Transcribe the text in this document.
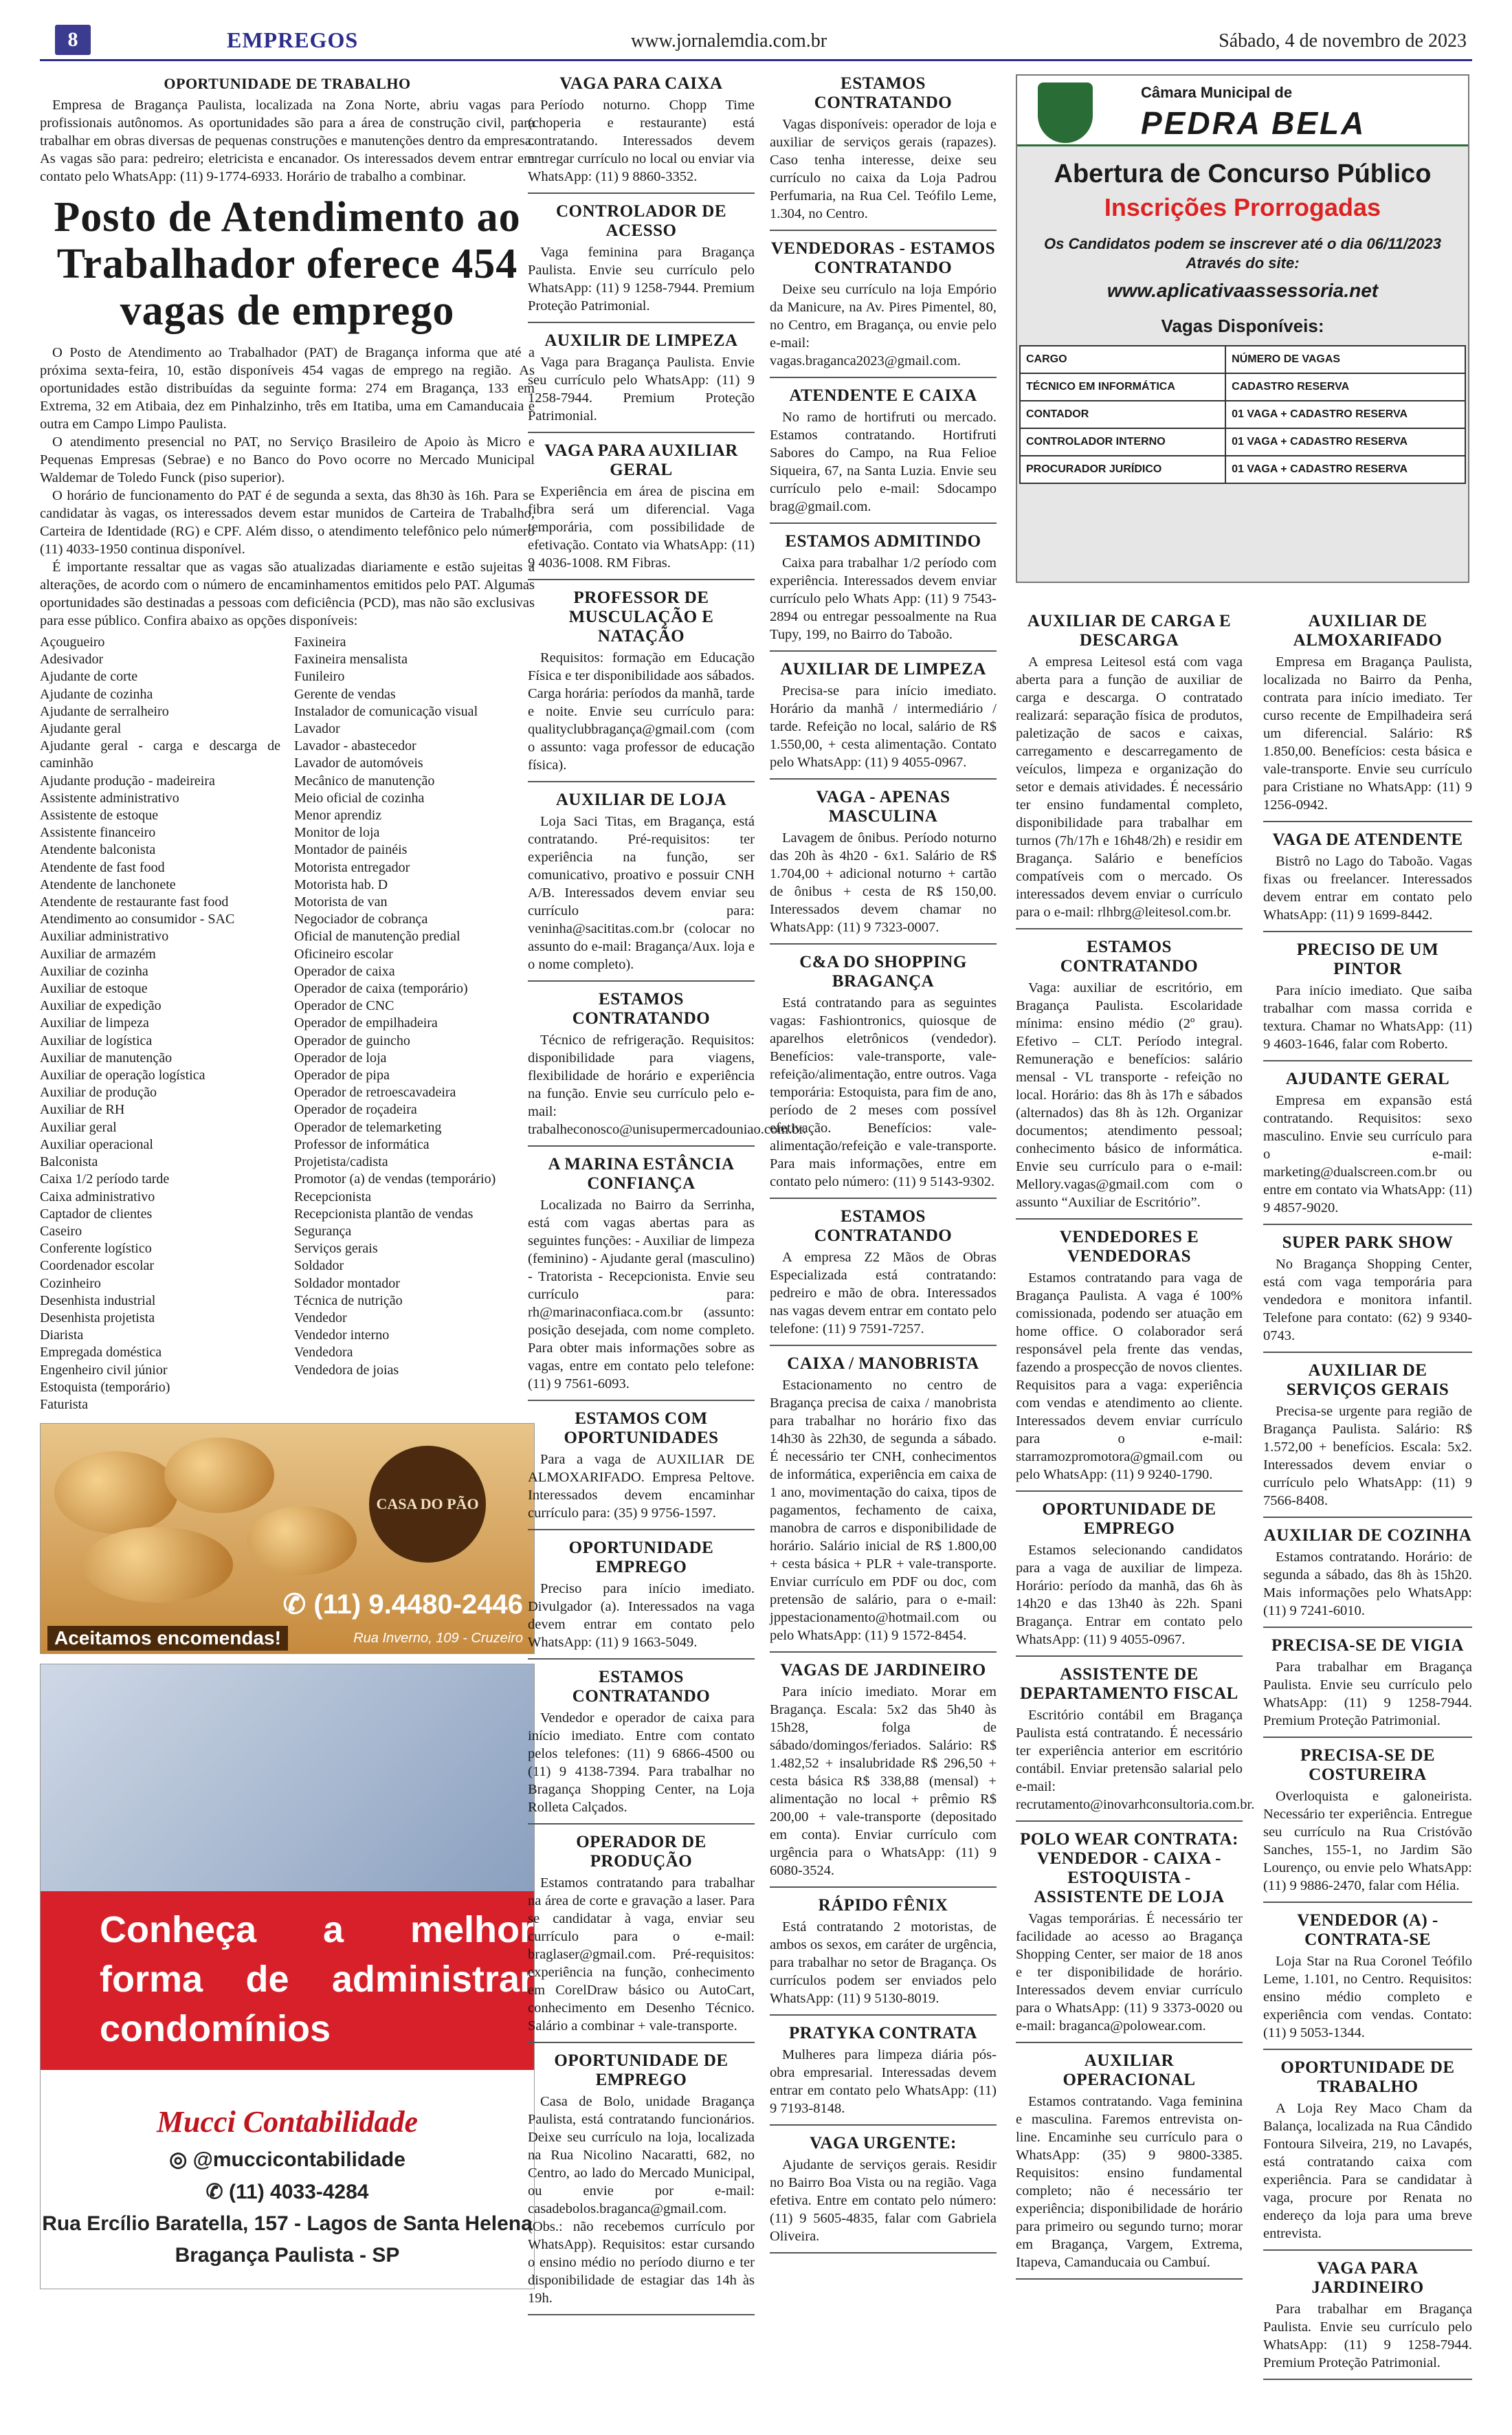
8	EMPREGOS	www.jornalemdia.com.br	Sábado, 4 de novembro de 2023
OPORTUNIDADE DE TRABALHO

Empresa de Bragança Paulista, localizada na Zona Norte, abriu vagas para profissionais autônomos. As oportunidades são para a área de construção civil, para trabalhar em obras diversas de pequenas construções e manutenções dentro da empresa. As vagas são para: pedreiro; eletricista e encanador. Os interessados devem entrar em contato pelo WhatsApp: (11) 9-1774-6933. Horário de trabalho a combinar.

Posto de Atendimento ao Trabalhador oferece 454 vagas de emprego

O Posto de Atendimento ao Trabalhador (PAT) de Bragança informa que até a próxima sexta-feira, 10, estão disponíveis 454 vagas de emprego na região. As oportunidades estão distribuídas da seguinte forma: 274 em Bragança, 133 em Extrema, 32 em Atibaia, dez em Pinhalzinho, três em Itatiba, uma em Camanducaia e outra em Campo Limpo Paulista.

O atendimento presencial no PAT, no Serviço Brasileiro de Apoio às Micro e Pequenas Empresas (Sebrae) e no Banco do Povo ocorre no Mercado Municipal Waldemar de Toledo Funck (piso superior).

O horário de funcionamento do PAT é de segunda a sexta, das 8h30 às 16h. Para se candidatar às vagas, os interessados devem estar munidos de Carteira de Trabalho, Carteira de Identidade (RG) e CPF. Além disso, o atendimento telefônico pelo número (11) 4033-1950 continua disponível.

É importante ressaltar que as vagas são atualizadas diariamente e estão sujeitas a alterações, de acordo com o número de encaminhamentos emitidos pelo PAT. Algumas oportunidades são destinadas a pessoas com deficiência (PCD), mas não são exclusivas para esse público. Confira abaixo as opções disponíveis:

Açougueiro
Adesivador
Ajudante de corte
Ajudante de cozinha
Ajudante de serralheiro
Ajudante geral
Ajudante geral - carga e descarga de caminhão
Ajudante produção - madeireira
Assistente administrativo
Assistente de estoque
Assistente financeiro
Atendente balconista
Atendente de fast food
Atendente de lanchonete
Atendente de restaurante fast food
Atendimento ao consumidor - SAC
Auxiliar administrativo
Auxiliar de armazém
Auxiliar de cozinha
Auxiliar de estoque
Auxiliar de expedição
Auxiliar de limpeza
Auxiliar de logística
Auxiliar de manutenção
Auxiliar de operação logística
Auxiliar de produção
Auxiliar de RH
Auxiliar geral
Auxiliar operacional
Balconista
Caixa 1/2 período tarde
Caixa administrativo
Captador de clientes
Caseiro
Conferente logístico
Coordenador escolar
Cozinheiro
Desenhista industrial
Desenhista projetista
Diarista
Empregada doméstica
Engenheiro civil júnior
Estoquista (temporário)
Faturista
Faxineira
Faxineira mensalista
Funileiro
Gerente de vendas
Instalador de comunicação visual
Lavador
Lavador - abastecedor
Lavador de automóveis
Mecânico de manutenção
Meio oficial de cozinha
Menor aprendiz
Monitor de loja
Montador de painéis
Motorista entregador
Motorista hab. D
Motorista de van
Negociador de cobrança
Oficial de manutenção predial
Oficineiro escolar
Operador de caixa
Operador de caixa (temporário)
Operador de CNC
Operador de empilhadeira
Operador de guincho
Operador de loja
Operador de pipa
Operador de retroescavadeira
Operador de roçadeira
Operador de telemarketing
Professor de informática
Projetista/cadista
Promotor (a) de vendas (temporário)
Recepcionista
Recepcionista plantão de vendas
Segurança
Serviços gerais
Soldador
Soldador montador
Técnica de nutrição
Vendedor
Vendedor interno
Vendedora
Vendedora de joias
CASA DO PÃO
✆ (11) 9.4480-2446
Aceitamos encomendas!	Rua Inverno, 109 - Cruzeiro
Conheça a melhor forma de administrar condomínios
Mucci Contabilidade
◎ @muccicontabilidade
✆ (11) 4033-4284
Rua Ercílio Baratella, 157 - Lagos de Santa Helena
Bragança Paulista - SP
VAGA PARA CAIXA

Período noturno. Chopp Time (choperia e restaurante) está contratando. Interessados devem entregar currículo no local ou enviar via WhatsApp: (11) 9 8860-3352.

CONTROLADOR DE ACESSO

Vaga feminina para Bragança Paulista. Envie seu currículo pelo WhatsApp: (11) 9 1258-7944. Premium Proteção Patrimonial.

AUXILIR DE LIMPEZA

Vaga para Bragança Paulista. Envie seu currículo pelo WhatsApp: (11) 9 1258-7944. Premium Proteção Patrimonial.

VAGA PARA AUXILIAR GERAL

Experiência em área de piscina em fibra será um diferencial. Vaga temporária, com possibilidade de efetivação. Contato via WhatsApp: (11) 9 4036-1008. RM Fibras.

PROFESSOR DE MUSCULAÇÃO E NATAÇÃO

Requisitos: formação em Educação Física e ter disponibilidade aos sábados. Carga horária: períodos da manhã, tarde e noite. Envie seu currículo para: qualityclubbragança@gmail.com (com o assunto: vaga professor de educação física).

AUXILIAR DE LOJA

Loja Saci Titas, em Bragança, está contratando. Pré-requisitos: ter experiência na função, ser comunicativo, proativo e possuir CNH A/B. Interessados devem enviar seu currículo para: veninha@sacititas.com.br (colocar no assunto do e-mail: Bragança/Aux. loja e o nome completo).

ESTAMOS CONTRATANDO

Técnico de refrigeração. Requisitos: disponibilidade para viagens, flexibilidade de horário e experiência na função. Envie seu currículo pelo e-mail: trabalheconosco@unisupermercadouniao.com.br.

A MARINA ESTÂNCIA CONFIANÇA

Localizada no Bairro da Serrinha, está com vagas abertas para as seguintes funções: - Auxiliar de limpeza (feminino) - Ajudante geral (masculino) - Tratorista - Recepcionista. Envie seu currículo para: rh@marinaconfiaca.com.br (assunto: posição desejada, com nome completo. Para obter mais informações sobre as vagas, entre em contato pelo telefone: (11) 9 7561-6093.

ESTAMOS COM OPORTUNIDADES

Para a vaga de AUXILIAR DE ALMOXARIFADO. Empresa Peltove. Interessados devem encaminhar currículo para: (35) 9 9756-1597.

OPORTUNIDADE EMPREGO

Preciso para início imediato. Divulgador (a). Interessados na vaga devem entrar em contato pelo WhatsApp: (11) 9 1663-5049.

ESTAMOS CONTRATANDO

Vendedor e operador de caixa para início imediato. Entre com contato pelos telefones: (11) 9 6866-4500 ou (11) 9 4138-7394. Para trabalhar no Bragança Shopping Center, na Loja Rolleta Calçados.

OPERADOR DE PRODUÇÃO

Estamos contratando para trabalhar na área de corte e gravação a laser. Para se candidatar à vaga, enviar seu currículo para o e-mail: braglaser@gmail.com. Pré-requisitos: experiência na função, conhecimento em CorelDraw básico ou AutoCart, conhecimento em Desenho Técnico. Salário a combinar + vale-transporte.

OPORTUNIDADE DE EMPREGO

Casa de Bolo, unidade Bragança Paulista, está contratando funcionários. Deixe seu currículo na loja, localizada na Rua Nicolino Nacaratti, 682, no Centro, ao lado do Mercado Municipal, ou envie por e-mail: casadebolos.braganca@gmail.com. (Obs.: não recebemos currículo por WhatsApp). Requisitos: estar cursando o ensino médio no período diurno e ter disponibilidade de estagiar das 14h às 19h.

ESTAMOS CONTRATANDO

Vagas disponíveis: operador de loja e auxiliar de serviços gerais (rapazes). Caso tenha interesse, deixe seu currículo no caixa da Loja Padrou Perfumaria, na Rua Cel. Teófilo Leme, 1.304, no Centro.

VENDEDORAS - ESTAMOS CONTRATANDO

Deixe seu currículo na loja Empório da Manicure, na Av. Pires Pimentel, 80, no Centro, em Bragança, ou envie pelo e-mail: vagas.braganca2023@gmail.com.

ATENDENTE E CAIXA

No ramo de hortifruti ou mercado. Estamos contratando. Hortifruti Sabores do Campo, na Rua Felioe Siqueira, 67, na Santa Luzia. Envie seu currículo pelo e-mail: Sdocampo brag@gmail.com.

ESTAMOS ADMITINDO

Caixa para trabalhar 1/2 período com experiência. Interessados devem enviar currículo pelo Whats App: (11) 9 7543-2894 ou entregar pessoalmente na Rua Tupy, 199, no Bairro do Taboão.

AUXILIAR DE LIMPEZA

Precisa-se para início imediato. Horário da manhã / intermediário / tarde. Refeição no local, salário de R$ 1.550,00, + cesta alimentação. Contato pelo WhatsApp: (11) 9 4055-0967.

VAGA - APENAS MASCULINA

Lavagem de ônibus. Período noturno das 20h às 4h20 - 6x1. Salário de R$ 1.704,00 + adicional noturno + cartão de ônibus + cesta de R$ 150,00. Interessados devem chamar no WhatsApp: (11) 9 7323-0007.

C&A DO SHOPPING BRAGANÇA

Está contratando para as seguintes vagas: Fashiontronics, quiosque de aparelhos eletrônicos (vendedor). Benefícios: vale-transporte, vale-refeição/alimentação, entre outros. Vaga temporária: Estoquista, para fim de ano, período de 2 meses com possível efetivação. Benefícios: vale-alimentação/refeição e vale-transporte. Para mais informações, entre em contato pelo número: (11) 9 5143-9302.

ESTAMOS CONTRATANDO

A empresa Z2 Mãos de Obras Especializada está contratando: pedreiro e mão de obra. Interessados nas vagas devem entrar em contato pelo telefone: (11) 9 7591-7257.

CAIXA / MANOBRISTA

Estacionamento no centro de Bragança precisa de caixa / manobrista para trabalhar no horário fixo das 14h30 às 22h30, de segunda a sábado. É necessário ter CNH, conhecimentos de informática, experiência em caixa de 1 ano, movimentação do caixa, tipos de pagamentos, fechamento de caixa, manobra de carros e disponibilidade de horário. Salário inicial de R$ 1.800,00 + cesta básica + PLR + vale-transporte. Enviar currículo em PDF ou doc, com pretensão de salário, para o e-mail: jppestacionamento@hotmail.com ou pelo WhatsApp: (11) 9 1572-8454.

VAGAS DE JARDINEIRO

Para início imediato. Morar em Bragança. Escala: 5x2 das 5h40 às 15h28, folga de sábado/domingos/feriados. Salário: R$ 1.482,52 + insalubridade R$ 296,50 + cesta básica R$ 338,88 (mensal) + alimentação no local + prêmio R$ 200,00 + vale-transporte (depositado em conta). Enviar currículo com urgência para o WhatsApp: (11) 9 6080-3524.

RÁPIDO FÊNIX

Está contratando 2 motoristas, de ambos os sexos, em caráter de urgência, para trabalhar no setor de Bragança. Os currículos podem ser enviados pelo WhatsApp: (11) 9 5130-8019.

PRATYKA CONTRATA

Mulheres para limpeza diária pós-obra empresarial. Interessadas devem entrar em contato pelo WhatsApp: (11) 9 7193-8148.

VAGA URGENTE:

Ajudante de serviços gerais. Residir no Bairro Boa Vista ou na região. Vaga efetiva. Entre em contato pelo número: (11) 9 5605-4835, falar com Gabriela Oliveira.

Câmara Municipal de
PEDRA BELA
Abertura de Concurso Público
Inscrições Prorrogadas
Os Candidatos podem se inscrever até o dia 06/11/2023 Através do site:
www.aplicativaassessoria.net
Vagas Disponíveis:
CARGO	NÚMERO DE VAGAS
TÉCNICO EM INFORMÁTICA	CADASTRO RESERVA
CONTADOR	01 VAGA + CADASTRO RESERVA
CONTROLADOR INTERNO	01 VAGA + CADASTRO RESERVA
PROCURADOR JURÍDICO	01 VAGA + CADASTRO RESERVA
AUXILIAR DE CARGA E DESCARGA

A empresa Leitesol está com vaga aberta para a função de auxiliar de carga e descarga. O contratado realizará: separação física de produtos, paletização de sacos e caixas, carregamento e descarregamento de veículos, limpeza e organização do setor e demais atividades. É necessário ter ensino fundamental completo, disponibilidade para trabalhar em turnos (7h/17h e 16h48/2h) e residir em Bragança. Salário e benefícios compatíveis com o mercado. Os interessados devem enviar o currículo para o e-mail: rlhbrg@leitesol.com.br.

ESTAMOS CONTRATANDO

Vaga: auxiliar de escritório, em Bragança Paulista. Escolaridade mínima: ensino médio (2º grau). Efetivo – CLT. Período integral. Remuneração e benefícios: salário mensal - VL transporte - refeição no local. Horário: das 8h às 17h e sábados (alternados) das 8h às 12h. Organizar documentos; atendimento pessoal; conhecimento básico de informática. Envie seu currículo para o e-mail: Mellory.vagas@gmail.com com o assunto “Auxiliar de Escritório”.

VENDEDORES E VENDEDORAS

Estamos contratando para vaga de Bragança Paulista. A vaga é 100% comissionada, podendo ser atuação em home office. O colaborador será responsável pela frente das vendas, fazendo a prospecção de novos clientes. Requisitos para a vaga: experiência com vendas e atendimento ao cliente. Interessados devem enviar currículo para o e-mail: starramozpromotora@gmail.com ou pelo WhatsApp: (11) 9 9240-1790.

OPORTUNIDADE DE EMPREGO

Estamos selecionando candidatos para a vaga de auxiliar de limpeza. Horário: período da manhã, das 6h às 14h20 e das 13h40 às 22h. Spani Bragança. Entrar em contato pelo WhatsApp: (11) 9 4055-0967.

ASSISTENTE DE DEPARTAMENTO FISCAL

Escritório contábil em Bragança Paulista está contratando. É necessário ter experiência anterior em escritório contábil. Enviar pretensão salarial pelo e-mail: recrutamento@inovarhconsultoria.com.br.

POLO WEAR CONTRATA: VENDEDOR - CAIXA - ESTOQUISTA - ASSISTENTE DE LOJA

Vagas temporárias. É necessário ter facilidade ao acesso ao Bragança Shopping Center, ser maior de 18 anos e ter disponibilidade de horário. Interessados devem enviar currículo para o WhatsApp: (11) 9 3373-0020 ou e-mail: braganca@polowear.com.

AUXILIAR OPERACIONAL

Estamos contratando. Vaga feminina e masculina. Faremos entrevista on-line. Encaminhe seu currículo para o WhatsApp: (35) 9 9800-3385. Requisitos: ensino fundamental completo; não é necessário ter experiência; disponibilidade de horário para primeiro ou segundo turno; morar em Bragança, Vargem, Extrema, Itapeva, Camanducaia ou Cambuí.

AUXILIAR DE ALMOXARIFADO

Empresa em Bragança Paulista, localizada no Bairro da Penha, contrata para início imediato. Ter curso recente de Empilhadeira será um diferencial. Salário: R$ 1.850,00. Benefícios: cesta básica e vale-transporte. Envie seu currículo para Cristiane no WhatsApp: (11) 9 1256-0942.

VAGA DE ATENDENTE

Bistrô no Lago do Taboão. Vagas fixas ou freelancer. Interessados devem entrar em contato pelo WhatsApp: (11) 9 1699-8442.

PRECISO DE UM PINTOR

Para início imediato. Que saiba trabalhar com massa corrida e textura. Chamar no WhatsApp: (11) 9 4603-1646, falar com Roberto.

AJUDANTE GERAL

Empresa em expansão está contratando. Requisitos: sexo masculino. Envie seu currículo para o e-mail: marketing@dualscreen.com.br ou entre em contato via WhatsApp: (11) 9 4857-9020.

SUPER PARK SHOW

No Bragança Shopping Center, está com vaga temporária para vendedora e monitora infantil. Telefone para contato: (62) 9 9340-0743.

AUXILIAR DE SERVIÇOS GERAIS

Precisa-se urgente para região de Bragança Paulista. Salário: R$ 1.572,00 + benefícios. Escala: 5x2. Interessados devem enviar o currículo pelo WhatsApp: (11) 9 7566-8408.

AUXILIAR DE COZINHA

Estamos contratando. Horário: de segunda a sábado, das 8h às 15h20. Mais informações pelo WhatsApp: (11) 9 7241-6010.

PRECISA-SE DE VIGIA

Para trabalhar em Bragança Paulista. Envie seu currículo pelo WhatsApp: (11) 9 1258-7944. Premium Proteção Patrimonial.

PRECISA-SE DE COSTUREIRA

Overloquista e galoneirista. Necessário ter experiência. Entregue seu currículo na Rua Cristóvão Sanches, 155-1, no Jardim São Lourenço, ou envie pelo WhatsApp: (11) 9 9886-2470, falar com Hélia.

VENDEDOR (A) - CONTRATA-SE

Loja Star na Rua Coronel Teófilo Leme, 1.101, no Centro. Requisitos: ensino médio completo e experiência com vendas. Contato: (11) 9 5053-1344.

OPORTUNIDADE DE TRABALHO

A Loja Rey Maco Cham da Balança, localizada na Rua Cândido Fontoura Silveira, 219, no Lavapés, está contratando caixa com experiência. Para se candidatar à vaga, procure por Renata no endereço da loja para uma breve entrevista.

VAGA PARA JARDINEIRO

Para trabalhar em Bragança Paulista. Envie seu currículo pelo WhatsApp: (11) 9 1258-7944. Premium Proteção Patrimonial.
